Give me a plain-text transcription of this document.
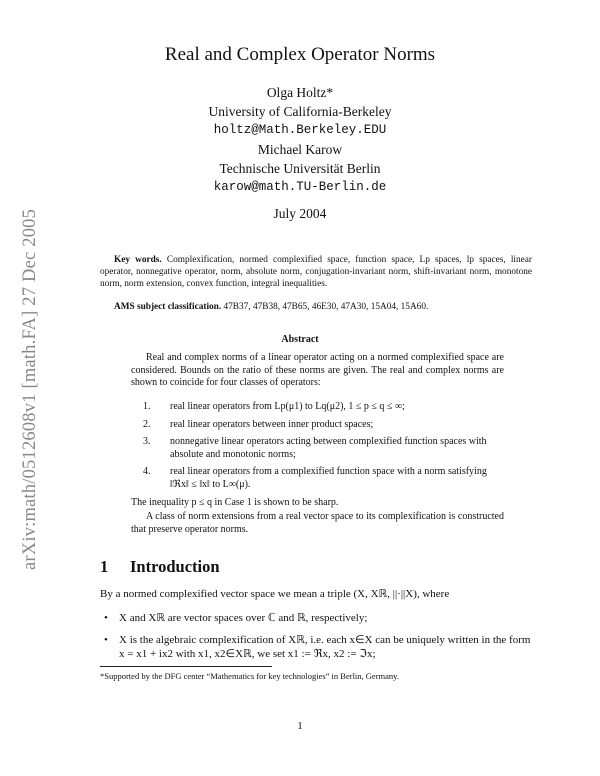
arXiv:math/0512608v1 [math.FA] 27 Dec 2005
Real and Complex Operator Norms
Olga Holtz*
University of California-Berkeley
holtz@Math.Berkeley.EDU
Michael Karow
Technische Universität Berlin
karow@math.TU-Berlin.de
July 2004
Key words. Complexification, normed complexified space, function space, Lp spaces, lp spaces, linear operator, nonnegative operator, norm, absolute norm, conjugation-invariant norm, shift-invariant norm, monotone norm, norm extension, convex function, integral inequalities.
AMS subject classification. 47B37, 47B38, 47B65, 46E30, 47A30, 15A04, 15A60.
Abstract
Real and complex norms of a linear operator acting on a normed complexified space are considered. Bounds on the ratio of these norms are given. The real and complex norms are shown to coincide for four classes of operators:
1. real linear operators from Lp(μ1) to Lq(μ2), 1 ≤ p ≤ q ≤ ∞;
2. real linear operators between inner product spaces;
3. nonnegative linear operators acting between complexified function spaces with absolute and monotonic norms;
4. real linear operators from a complexified function space with a norm satisfying ‖ℜx‖ ≤ ‖x‖ to L∞(μ).
The inequality p ≤ q in Case 1 is shown to be sharp.
A class of norm extensions from a real vector space to its complexification is constructed that preserve operator norms.
1 Introduction
By a normed complexified vector space we mean a triple (X, Xℝ, ||·||X), where
• X and Xℝ are vector spaces over ℂ and ℝ, respectively;
• X is the algebraic complexification of Xℝ, i.e. each x∈X can be uniquely written in the form x = x1 + ix2 with x1, x2∈Xℝ, we set x1 := ℜx, x2 := ℑx;
*Supported by the DFG center “Mathematics for key technologies” in Berlin, Germany.
1
